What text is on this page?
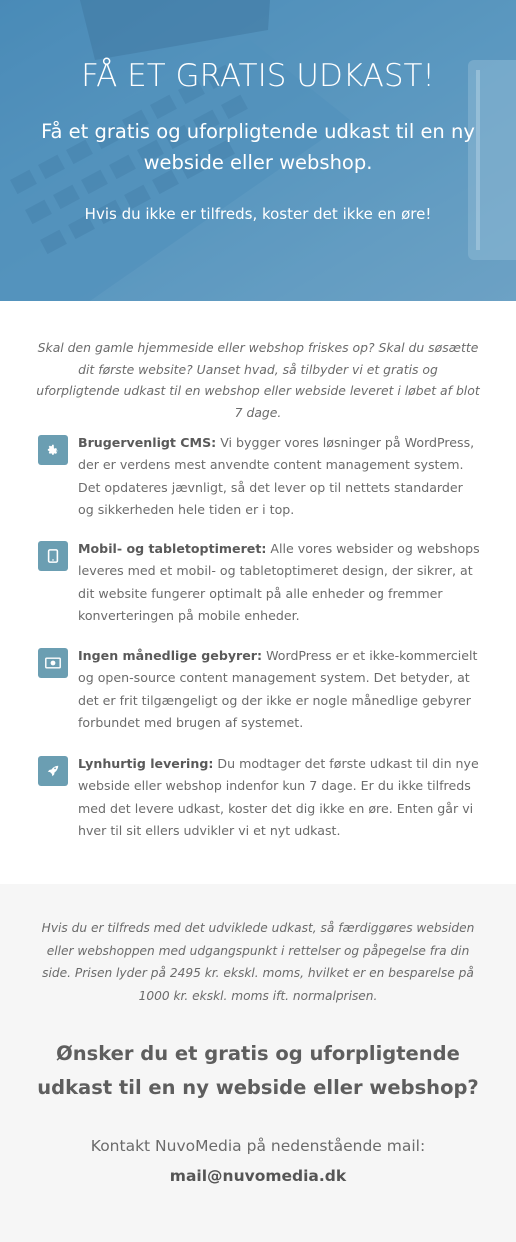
FÅ ET GRATIS UDKAST!

Få et gratis og uforpligtende udkast til en ny webside eller webshop.

Hvis du ikke er tilfreds, koster det ikke en øre!

Skal den gamle hjemmeside eller webshop friskes op? Skal du søsætte dit første website? Uanset hvad, så tilbyder vi et gratis og uforpligtende udkast til en webshop eller webside leveret i løbet af blot 7 dage.

Brugervenligt CMS: Vi bygger vores løsninger på WordPress, der er verdens mest anvendte content management system. Det opdateres jævnligt, så det lever op til nettets standarder og sikkerheden hele tiden er i top.

Mobil- og tabletoptimeret: Alle vores websider og webshops leveres med et mobil- og tabletoptimeret design, der sikrer, at dit website fungerer optimalt på alle enheder og fremmer konverteringen på mobile enheder.

Ingen månedlige gebyrer: WordPress er et ikke-kommercielt og open-source content management system. Det betyder, at det er frit tilgængeligt og der ikke er nogle månedlige gebyrer forbundet med brugen af systemet.

Lynhurtig levering: Du modtager det første udkast til din nye webside eller webshop indenfor kun 7 dage. Er du ikke tilfreds med det levere udkast, koster det dig ikke en øre. Enten går vi hver til sit ellers udvikler vi et nyt udkast.

Hvis du er tilfreds med det udviklede udkast, så færdiggøres websiden eller webshoppen med udgangspunkt i rettelser og påpegelse fra din side. Prisen lyder på 2495 kr. ekskl. moms, hvilket er en besparelse på 1000 kr. ekskl. moms ift. normalprisen.

Ønsker du et gratis og uforpligtende udkast til en ny webside eller webshop?

Kontakt NuvoMedia på nedenstående mail:

mail@nuvomedia.dk
